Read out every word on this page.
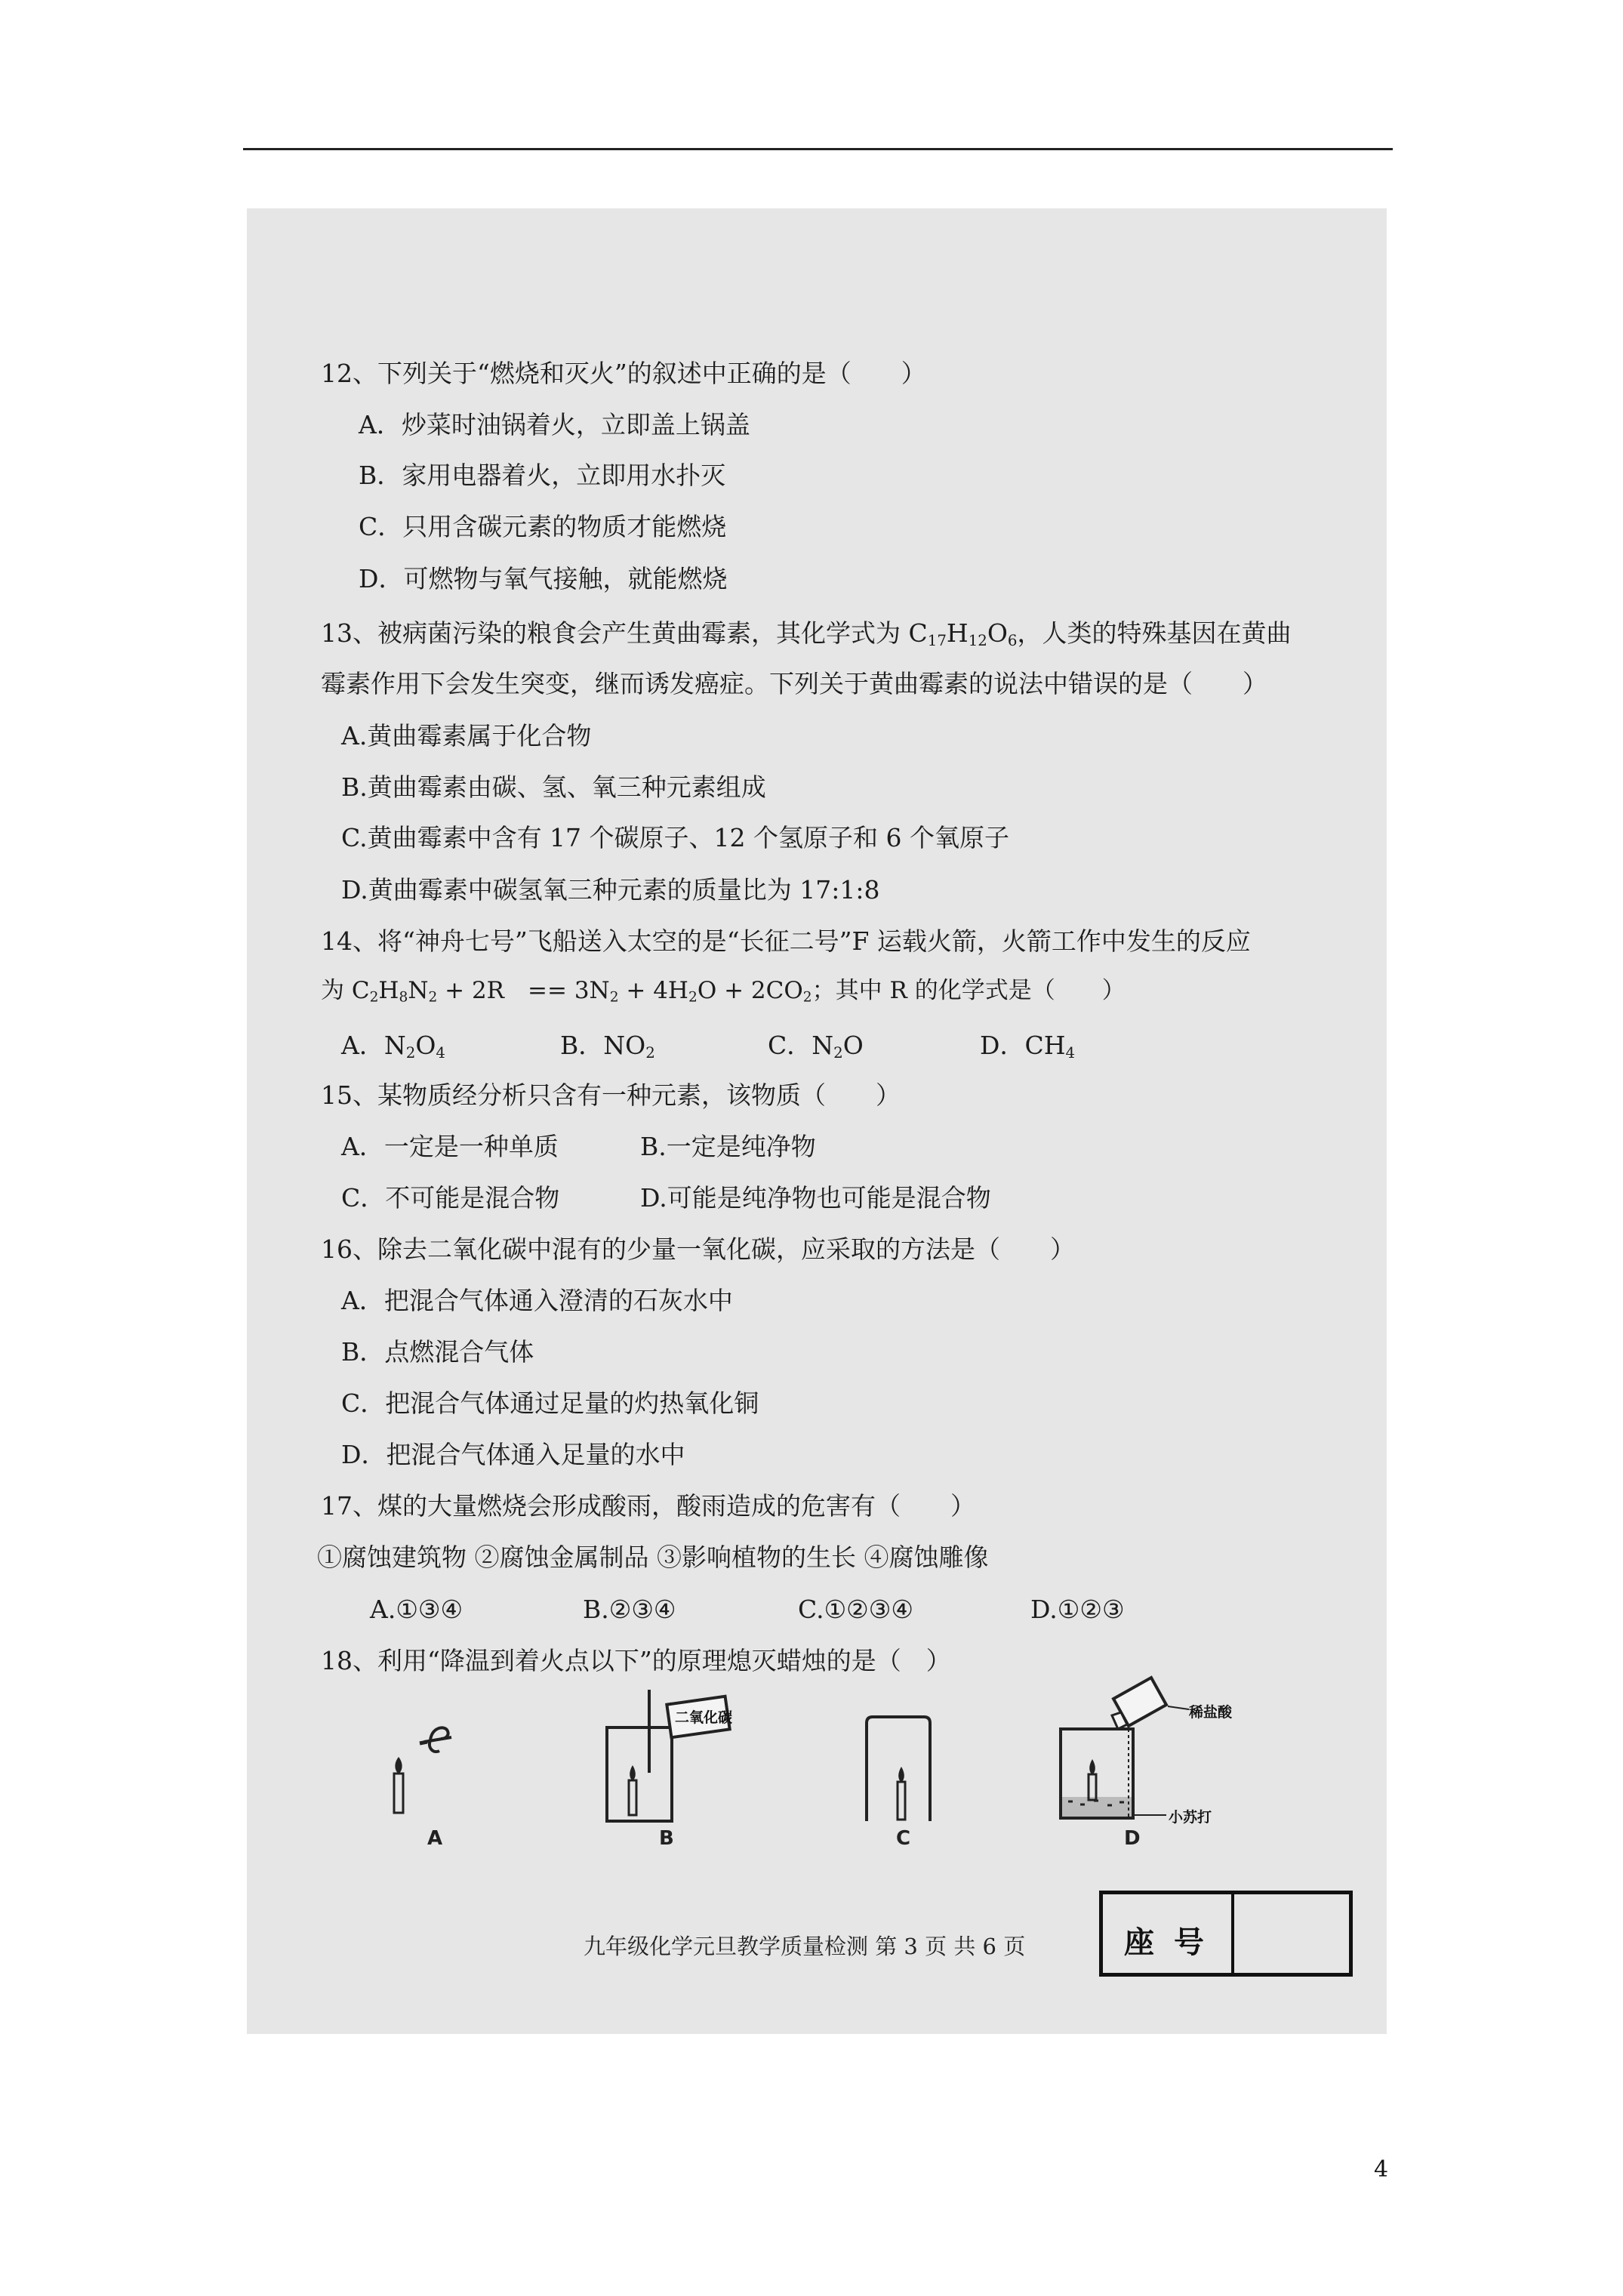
12、下列关于“燃烧和灭火”的叙述中正确的是（　　）
A．炒菜时油锅着火，立即盖上锅盖
B．家用电器着火，立即用水扑灭
C．只用含碳元素的物质才能燃烧
D．可燃物与氧气接触，就能燃烧
13、被病菌污染的粮食会产生黄曲霉素，其化学式为 $C_{17}H_{12}O_6$，人类的特殊基因在黄曲
霉素作用下会发生突变，继而诱发癌症。下列关于黄曲霉素的说法中错误的是（　　）
A.黄曲霉素属于化合物
B.黄曲霉素由碳、氢、氧三种元素组成
C.黄曲霉素中含有 17 个碳原子、12 个氢原子和 6 个氧原子
D.黄曲霉素中碳氢氧三种元素的质量比为 17:1:8
14、将“神舟七号”飞船送入太空的是“长征二号”F 运载火箭，火箭工作中发生的反应
为 $C_2H_8N_2 + 2R$　== $3N_2 + 4H_2O + 2CO_2$；其中 R 的化学式是（　　）
A．$N_2O_4$	B．$NO_2$	C．$N_2O$	D．$CH_4$
15、某物质经分析只含有一种元素，该物质（　　）
A．一定是一种单质	B.一定是纯净物
C．不可能是混合物	D.可能是纯净物也可能是混合物
16、除去二氧化碳中混有的少量一氧化碳，应采取的方法是（　　）
A．把混合气体通入澄清的石灰水中
B．点燃混合气体
C．把混合气体通过足量的灼热氧化铜
D．把混合气体通入足量的水中
17、煤的大量燃烧会形成酸雨，酸雨造成的危害有（　　）
①腐蚀建筑物 ②腐蚀金属制品 ③影响植物的生长 ④腐蚀雕像
A.①③④	B.②③④	C.①②③④	D.①②③
18、利用“降温到着火点以下”的原理熄灭蜡烛的是（　）
A
二氧化碳
B	C
稀盐酸
小苏打
D
九年级化学元旦教学质量检测 第 3 页 共 6 页	座号
4
